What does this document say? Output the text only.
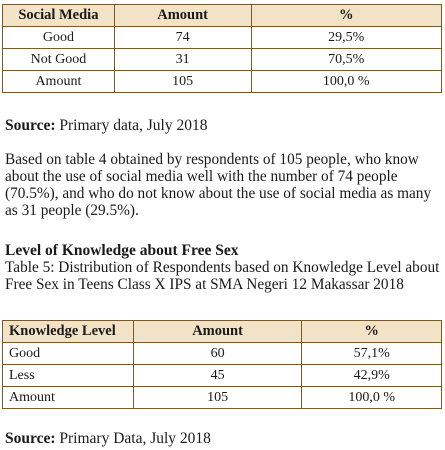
Social Media	Amount	%
Good	74	29,5%
Not Good	31	70,5%
Amount	105	100,0 %
Source: Primary data, July 2018
Based on table 4 obtained by respondents of 105 people, who know about the use of social media well with the number of 74 people (70.5%), and who do not know about the use of social media as many as 31 people (29.5%).
Level of Knowledge about Free Sex
Table 5: Distribution of Respondents based on Knowledge Level about Free Sex in Teens Class X IPS at SMA Negeri 12 Makassar 2018
Knowledge Level	Amount	%
Good	60	57,1%
Less	45	42,9%
Amount	105	100,0 %
Source: Primary Data, July 2018
